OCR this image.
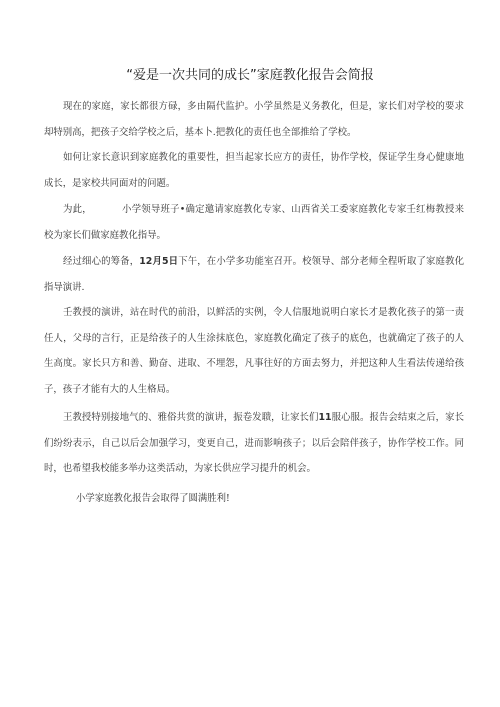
“爱是一次共同的成长”家庭教化报告会简报

现在的家庭，家长都很方碌，多由隔代监护。小学虽然是义务教化，但是，家长们对学校的要求却特别高，把孩子交给学校之后，基本卜.把教化的责任也全部推给了学校。

如何让家长意识到家庭教化的重要性，担当起家长应方的责任，协作学校，保证学生身心健康地成长，是家校共同面对的问题。

为此，	小学领导班子•确定邀请家庭教化专家、山西省关工委家庭教化专家壬红梅教授来校为家长们做家庭教化指导。

经过细心的筹备，12月5日下午，在小学多功能室召开。校领导、部分老师全程听取了家庭教化指导演讲.

壬教授的演讲，站在时代的前沿，以鲜活的实例，令人信服地说明白家长才是教化孩子的第一责任人，父母的言行，正是给孩子的人生涂抹底色，家庭教化确定了孩子的底色，也就确定了孩子的人生高度。家长只方和善、勤奋、进取、不埋怨，凡事往好的方面去努力，并把这种人生看法传递给孩子，孩子才能有大的人生格局。

王教授特别接地气的、雅俗共赏的演讲，振卷发聩，让家长们11服心服。报告会结束之后，家长们纷纷表示，自己以后会加强学习，变更自己，进而影响孩子；以后会陪伴孩子，协作学校工作。同时，也希望我校能多举办这类活动，为家长供应学习提升的机会。

小学家庭教化报告会取得了圆满胜利!
